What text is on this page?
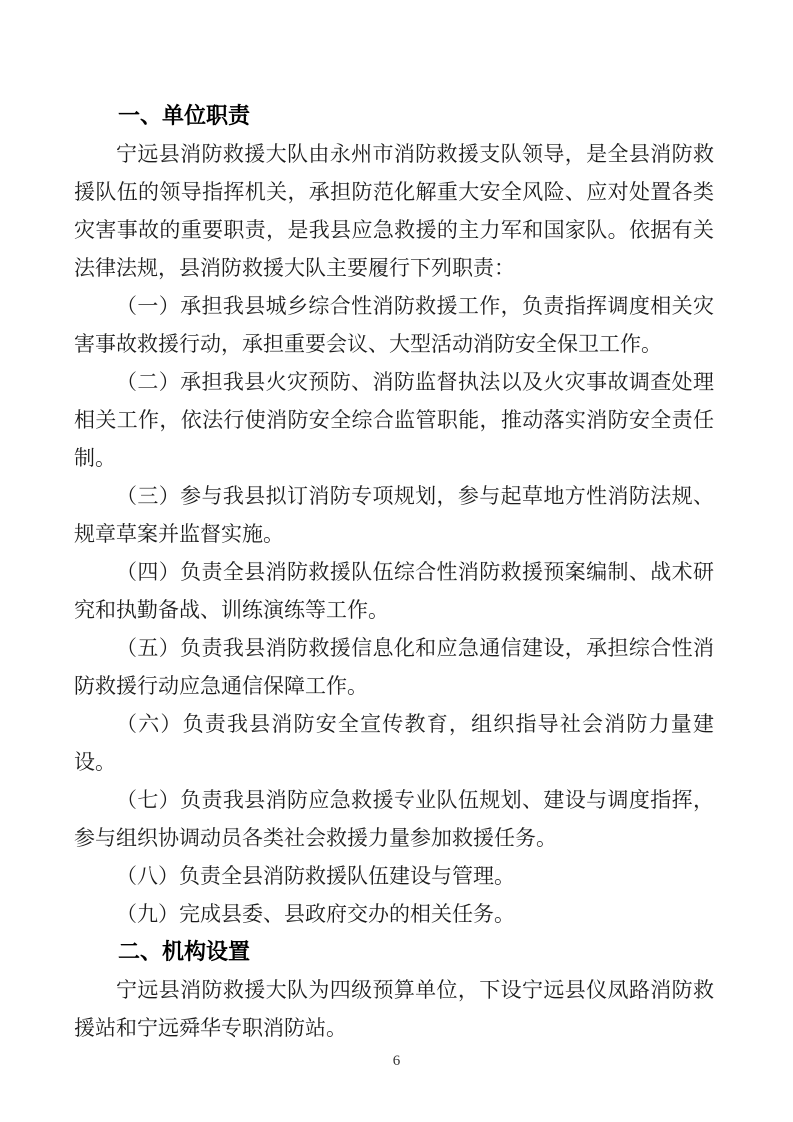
一、单位职责

宁远县消防救援大队由永州市消防救援支队领导，是全县消防救援队伍的领导指挥机关，承担防范化解重大安全风险、应对处置各类灾害事故的重要职责，是我县应急救援的主力军和国家队。依据有关法律法规，县消防救援大队主要履行下列职责：

（一）承担我县城乡综合性消防救援工作，负责指挥调度相关灾害事故救援行动，承担重要会议、大型活动消防安全保卫工作。

（二）承担我县火灾预防、消防监督执法以及火灾事故调查处理相关工作，依法行使消防安全综合监管职能，推动落实消防安全责任制。

（三）参与我县拟订消防专项规划，参与起草地方性消防法规、规章草案并监督实施。

（四）负责全县消防救援队伍综合性消防救援预案编制、战术研究和执勤备战、训练演练等工作。

（五）负责我县消防救援信息化和应急通信建设，承担综合性消防救援行动应急通信保障工作。

（六）负责我县消防安全宣传教育，组织指导社会消防力量建设。

（七）负责我县消防应急救援专业队伍规划、建设与调度指挥，参与组织协调动员各类社会救援力量参加救援任务。

（八）负责全县消防救援队伍建设与管理。

（九）完成县委、县政府交办的相关任务。

二、机构设置

宁远县消防救援大队为四级预算单位，下设宁远县仪凤路消防救援站和宁远舜华专职消防站。

6
